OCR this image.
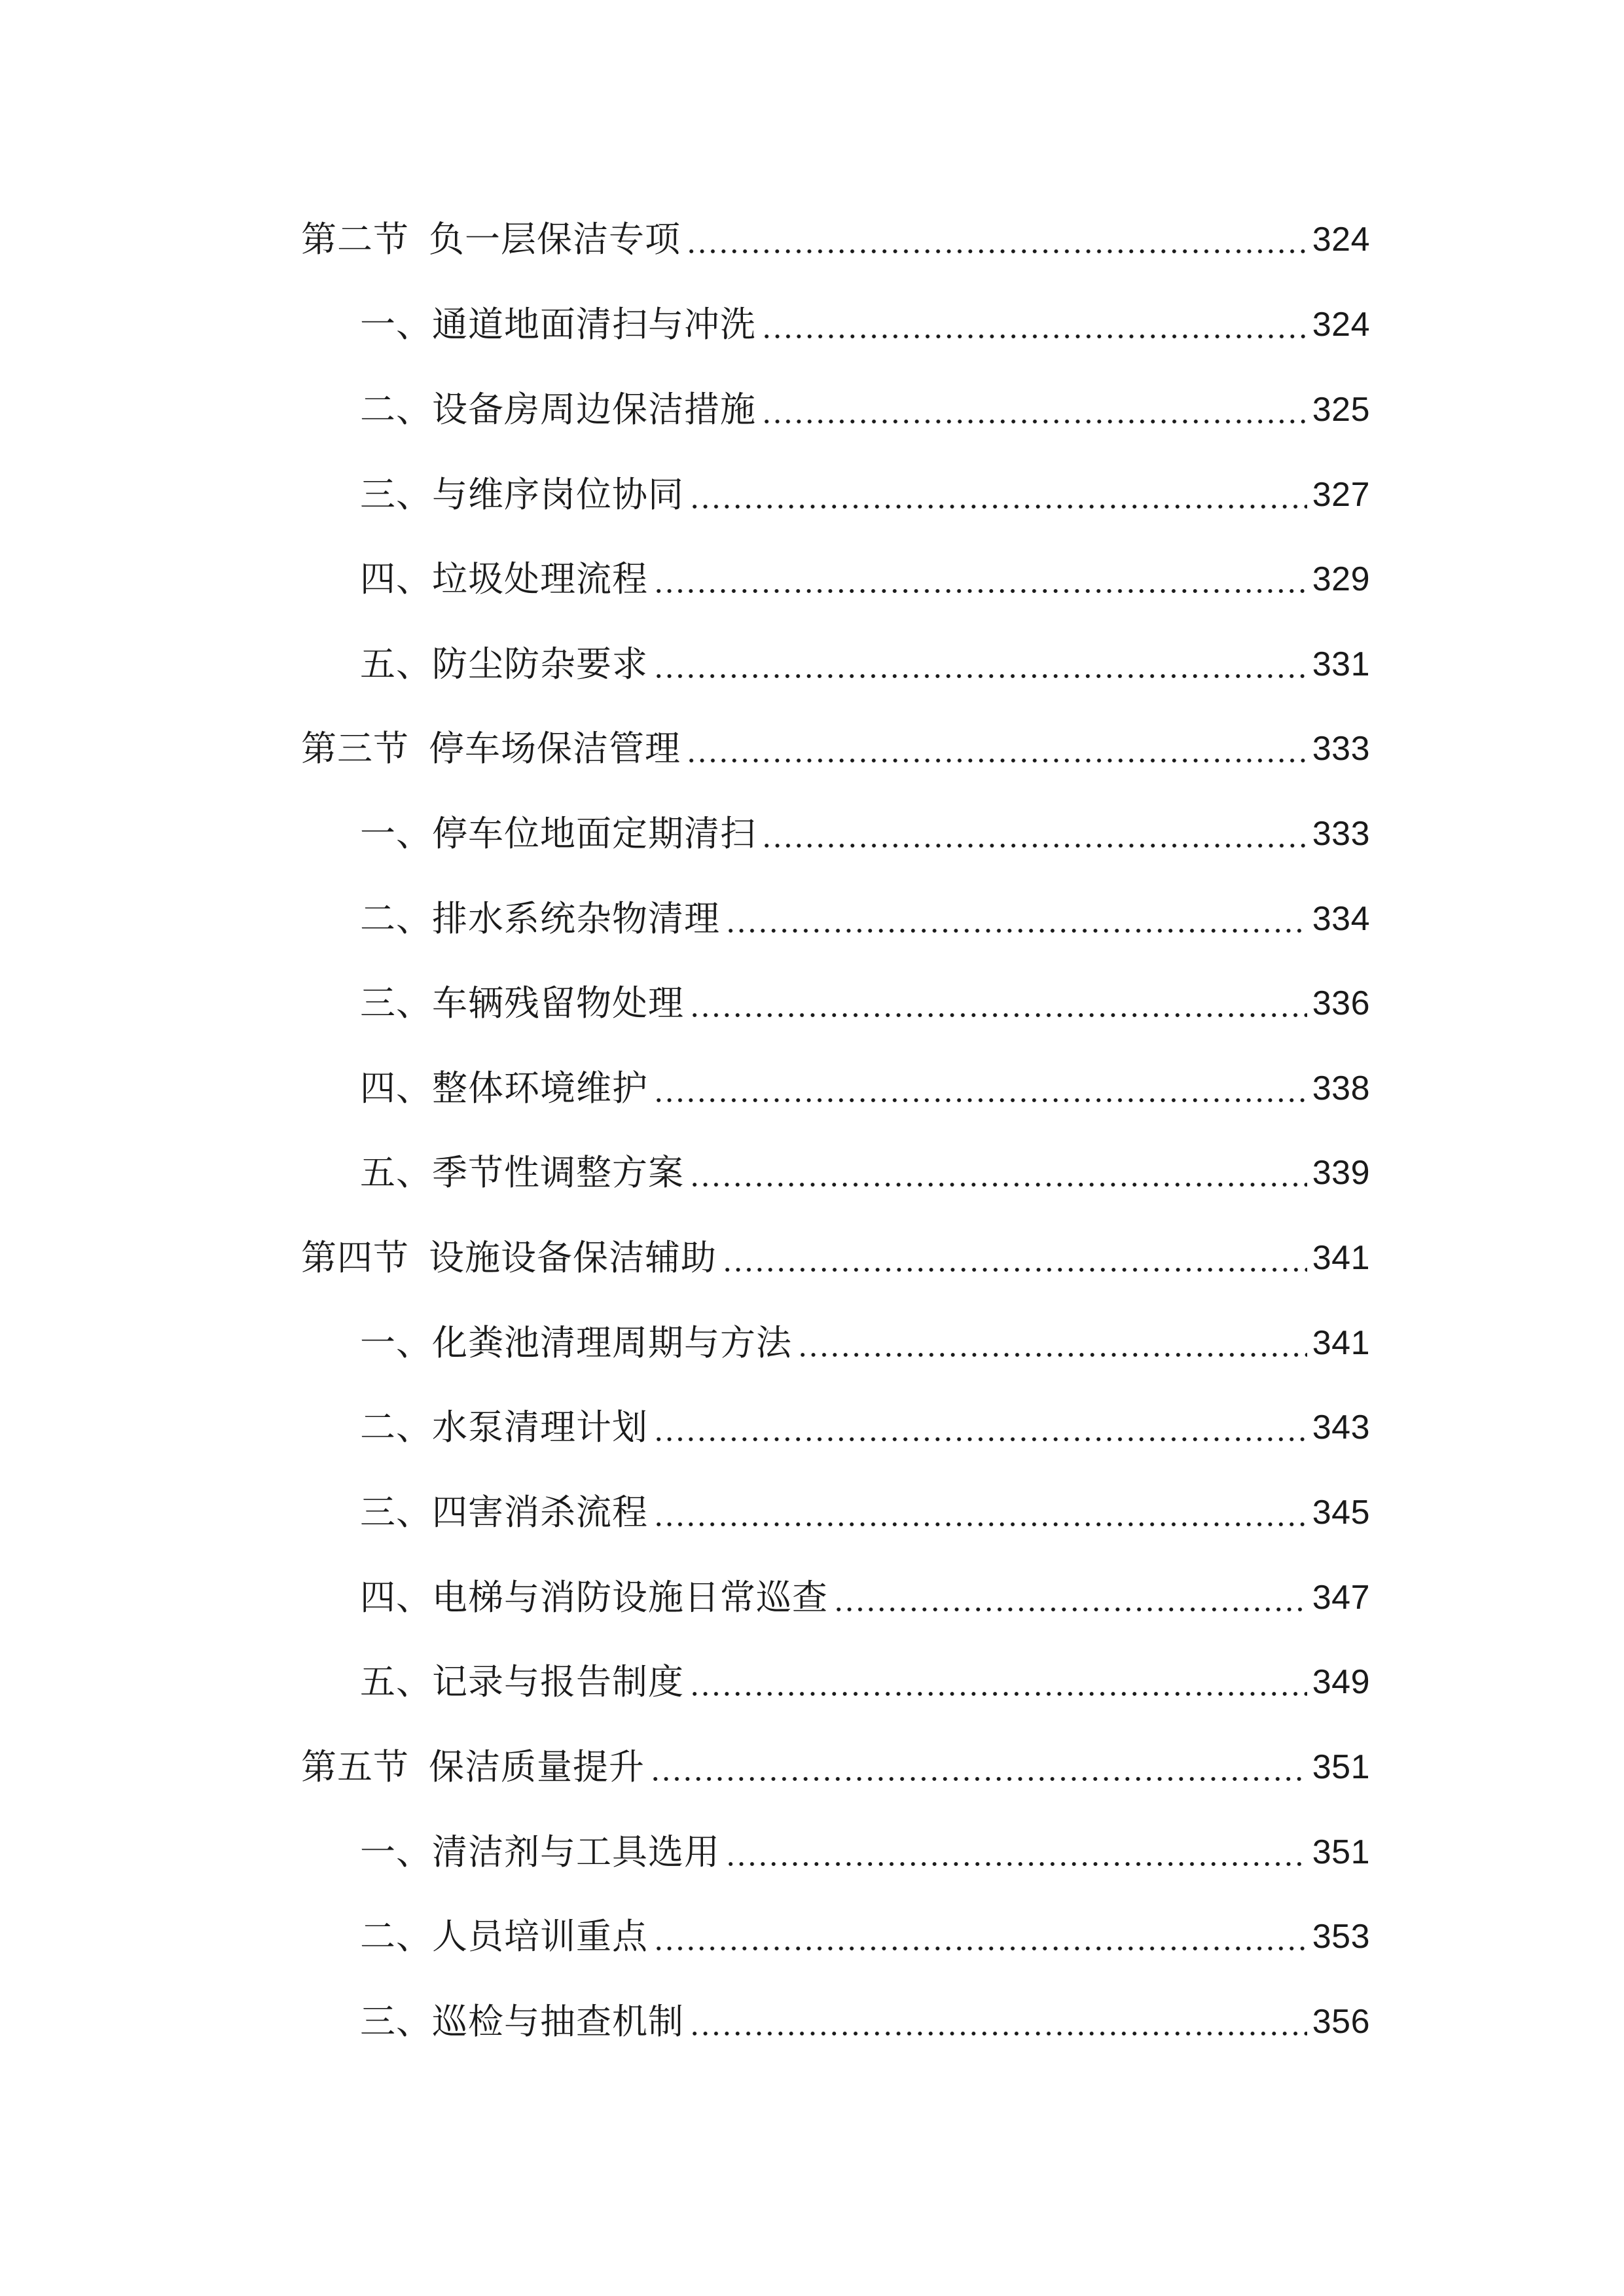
第二节 负一层保洁专项	324
一、通道地面清扫与冲洗	324
二、设备房周边保洁措施	325
三、与维序岗位协同	327
四、垃圾处理流程	329
五、防尘防杂要求	331
第三节 停车场保洁管理	333
一、停车位地面定期清扫	333
二、排水系统杂物清理	334
三、车辆残留物处理	336
四、整体环境维护	338
五、季节性调整方案	339
第四节 设施设备保洁辅助	341
一、化粪池清理周期与方法	341
二、水泵清理计划	343
三、四害消杀流程	345
四、电梯与消防设施日常巡查	347
五、记录与报告制度	349
第五节 保洁质量提升	351
一、清洁剂与工具选用	351
二、人员培训重点	353
三、巡检与抽查机制	356
